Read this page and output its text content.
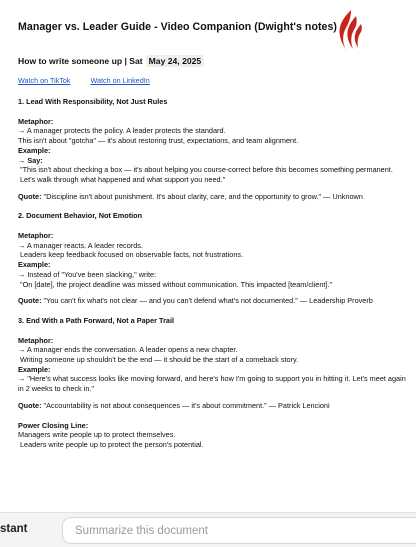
Manager vs. Leader Guide - Video Companion (Dwight's notes)
How to write someone up | Sat May 24, 2025
Watch on TikTok	Watch on LinkedIn
1. Lead With Responsibility, Not Just Rules
Metaphor:
→ A manager protects the policy. A leader protects the standard.
This isn't about "gotcha" — it's about restoring trust, expectations, and team alignment.
Example:
→ Say:
"This isn't about checking a box — it's about helping you course-correct before this becomes something permanent. Let's walk through what happened and what support you need."
Quote: "Discipline isn't about punishment. It's about clarity, care, and the opportunity to grow." — Unknown
2. Document Behavior, Not Emotion
Metaphor:
→ A manager reacts. A leader records.
Leaders keep feedback focused on observable facts, not frustrations.
Example:
→ Instead of "You've been slacking," write:
"On [date], the project deadline was missed without communication. This impacted [team/client]."
Quote: "You can't fix what's not clear — and you can't defend what's not documented." — Leadership Proverb
3. End With a Path Forward, Not a Paper Trail
Metaphor:
→ A manager ends the conversation. A leader opens a new chapter.
Writing someone up shouldn't be the end — it should be the start of a comeback story.
Example:
→ "Here's what success looks like moving forward, and here's how I'm going to support you in hitting it. Let's meet again in 2 weeks to check in."
Quote: "Accountability is not about consequences — it's about commitment." — Patrick Lencioni
Power Closing Line:
Managers write people up to protect themselves.
Leaders write people up to protect the person's potential.
stant
Summarize this document
